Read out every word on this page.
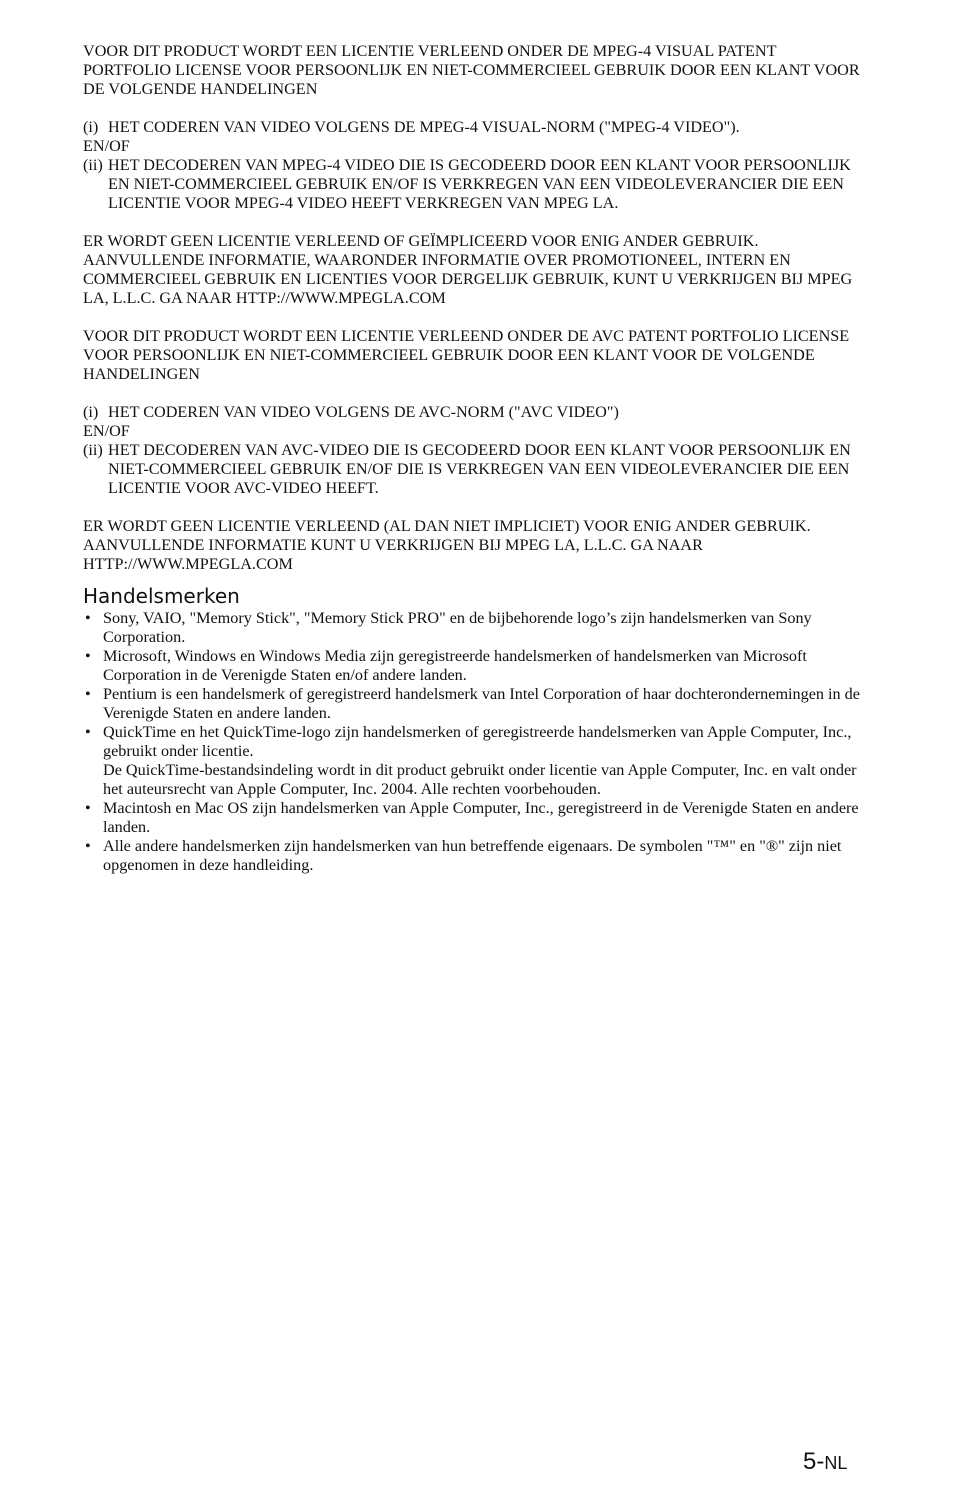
VOOR DIT PRODUCT WORDT EEN LICENTIE VERLEEND ONDER DE MPEG-4 VISUAL PATENT PORTFOLIO LICENSE VOOR PERSOONLIJK EN NIET-COMMERCIEEL GEBRUIK DOOR EEN KLANT VOOR DE VOLGENDE HANDELINGEN

(i) HET CODEREN VAN VIDEO VOLGENS DE MPEG-4 VISUAL-NORM ("MPEG-4 VIDEO").
EN/OF
(ii) HET DECODEREN VAN MPEG-4 VIDEO DIE IS GECODEERD DOOR EEN KLANT VOOR PERSOONLIJK EN NIET-COMMERCIEEL GEBRUIK EN/OF IS VERKREGEN VAN EEN VIDEOLEVERANCIER DIE EEN LICENTIE VOOR MPEG-4 VIDEO HEEFT VERKREGEN VAN MPEG LA.

ER WORDT GEEN LICENTIE VERLEEND OF GEÏMPLICEERD VOOR ENIG ANDER GEBRUIK. AANVULLENDE INFORMATIE, WAARONDER INFORMATIE OVER PROMOTIONEEL, INTERN EN COMMERCIEEL GEBRUIK EN LICENTIES VOOR DERGELIJK GEBRUIK, KUNT U VERKRIJGEN BIJ MPEG LA, L.L.C. GA NAAR HTTP://WWW.MPEGLA.COM

VOOR DIT PRODUCT WORDT EEN LICENTIE VERLEEND ONDER DE AVC PATENT PORTFOLIO LICENSE VOOR PERSOONLIJK EN NIET-COMMERCIEEL GEBRUIK DOOR EEN KLANT VOOR DE VOLGENDE HANDELINGEN

(i) HET CODEREN VAN VIDEO VOLGENS DE AVC-NORM ("AVC VIDEO")
EN/OF
(ii) HET DECODEREN VAN AVC-VIDEO DIE IS GECODEERD DOOR EEN KLANT VOOR PERSOONLIJK EN NIET-COMMERCIEEL GEBRUIK EN/OF DIE IS VERKREGEN VAN EEN VIDEOLEVERANCIER DIE EEN LICENTIE VOOR AVC-VIDEO HEEFT.

ER WORDT GEEN LICENTIE VERLEEND (AL DAN NIET IMPLICIET) VOOR ENIG ANDER GEBRUIK. AANVULLENDE INFORMATIE KUNT U VERKRIJGEN BIJ MPEG LA, L.L.C. GA NAAR HTTP://WWW.MPEGLA.COM

Handelsmerken
• Sony, VAIO, "Memory Stick", "Memory Stick PRO" en de bijbehorende logo’s zijn handelsmerken van Sony Corporation.
• Microsoft, Windows en Windows Media zijn geregistreerde handelsmerken of handelsmerken van Microsoft Corporation in de Verenigde Staten en/of andere landen.
• Pentium is een handelsmerk of geregistreerd handelsmerk van Intel Corporation of haar dochterondernemingen in de Verenigde Staten en andere landen.
• QuickTime en het QuickTime-logo zijn handelsmerken of geregistreerde handelsmerken van Apple Computer, Inc., gebruikt onder licentie.
De QuickTime-bestandsindeling wordt in dit product gebruikt onder licentie van Apple Computer, Inc. en valt onder het auteursrecht van Apple Computer, Inc. 2004. Alle rechten voorbehouden.
• Macintosh en Mac OS zijn handelsmerken van Apple Computer, Inc., geregistreerd in de Verenigde Staten en andere landen.
• Alle andere handelsmerken zijn handelsmerken van hun betreffende eigenaars. De symbolen "™" en "®" zijn niet opgenomen in deze handleiding.
5-NL
